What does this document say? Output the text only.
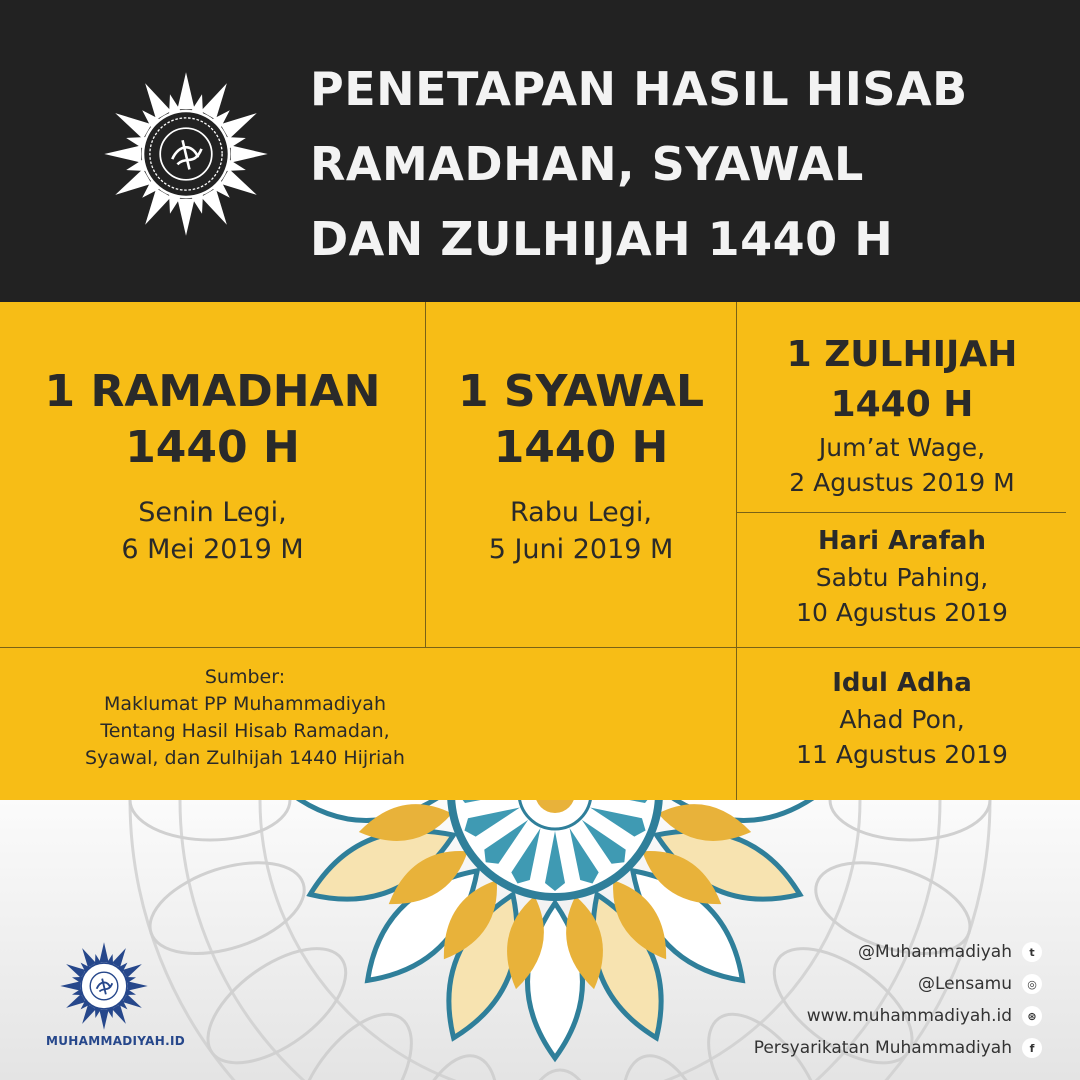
PENETAPAN HASIL HISAB
RAMADHAN, SYAWAL
DAN ZULHIJAH 1440 H
1 RAMADHAN
1440 H
Senin Legi,
6 Mei 2019 M
1 SYAWAL
1440 H
Rabu Legi,
5 Juni 2019 M
1 ZULHIJAH
1440 H
Jum’at Wage,
2 Agustus 2019 M
Hari Arafah
Sabtu Pahing,
10 Agustus 2019
Idul Adha
Ahad Pon,
11 Agustus 2019
Sumber:
Maklumat PP Muhammadiyah
Tentang Hasil Hisab Ramadan,
Syawal, dan Zulhijah 1440 Hijriah
MUHAMMADIYAH.ID
@Muhammadiyah	t
@Lensamu	◎
www.muhammadiyah.id	⊛
Persyarikatan Muhammadiyah	f
